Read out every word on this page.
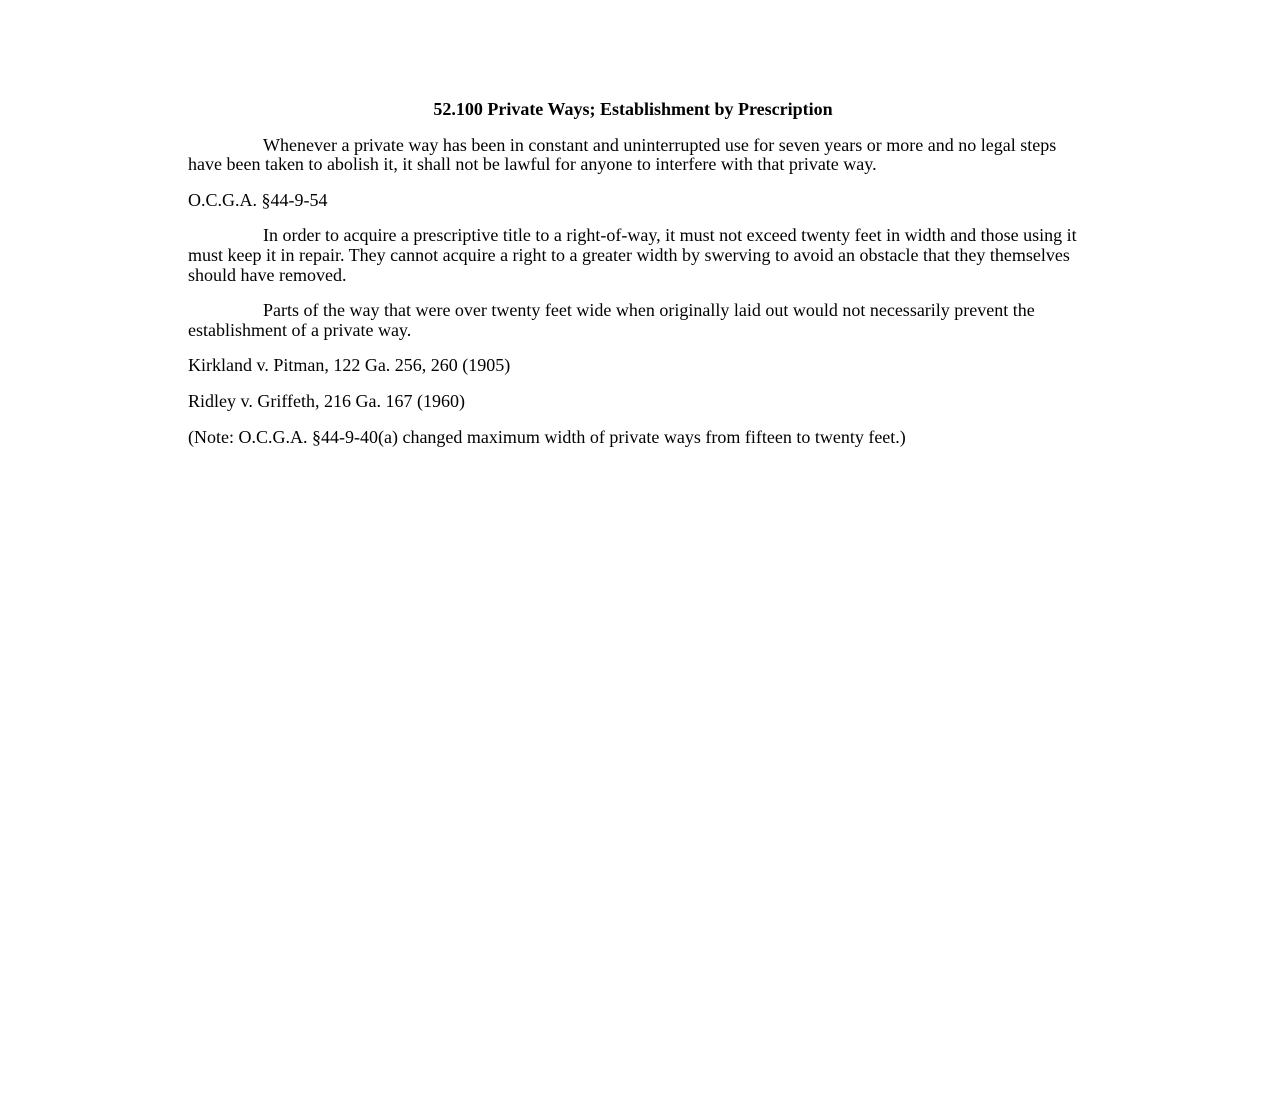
52.100 Private Ways; Establishment by Prescription

Whenever a private way has been in constant and uninterrupted use for seven years or more and no legal steps have been taken to abolish it, it shall not be lawful for anyone to interfere with that private way.

O.C.G.A. §44-9-54

In order to acquire a prescriptive title to a right-of-way, it must not exceed twenty feet in width and those using it must keep it in repair. They cannot acquire a right to a greater width by swerving to avoid an obstacle that they themselves should have removed.

Parts of the way that were over twenty feet wide when originally laid out would not necessarily prevent the establishment of a private way.

Kirkland v. Pitman, 122 Ga. 256, 260 (1905)

Ridley v. Griffeth, 216 Ga. 167 (1960)

(Note: O.C.G.A. §44-9-40(a) changed maximum width of private ways from fifteen to twenty feet.)
